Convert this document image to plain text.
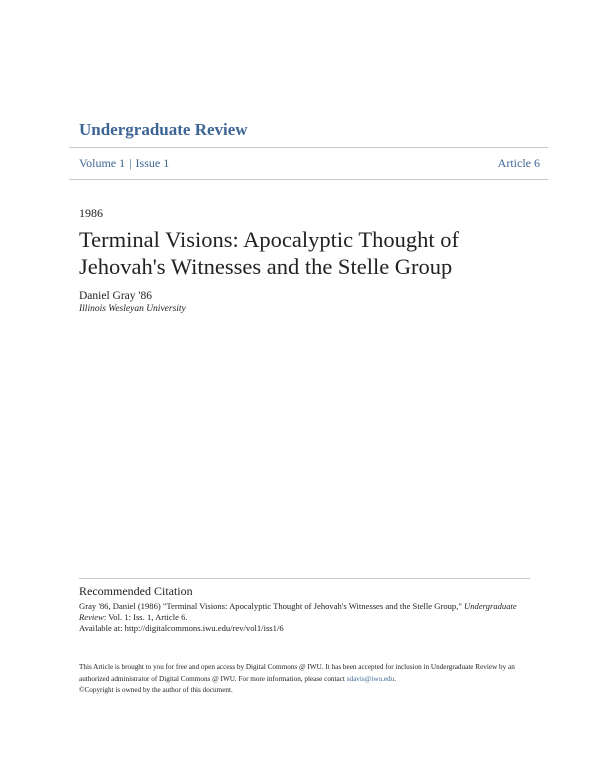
Undergraduate Review
Volume 1 | Issue 1	Article 6
1986
Terminal Visions: Apocalyptic Thought of Jehovah's Witnesses and the Stelle Group
Daniel Gray '86
Illinois Wesleyan University
Recommended Citation
Gray '86, Daniel (1986) "Terminal Visions: Apocalyptic Thought of Jehovah's Witnesses and the Stelle Group," Undergraduate Review: Vol. 1: Iss. 1, Article 6.
Available at: http://digitalcommons.iwu.edu/rev/vol1/iss1/6
This Article is brought to you for free and open access by Digital Commons @ IWU. It has been accepted for inclusion in Undergraduate Review by an
authorized administrator of Digital Commons @ IWU. For more information, please contact sdavis@iwu.edu.
©Copyright is owned by the author of this document.
